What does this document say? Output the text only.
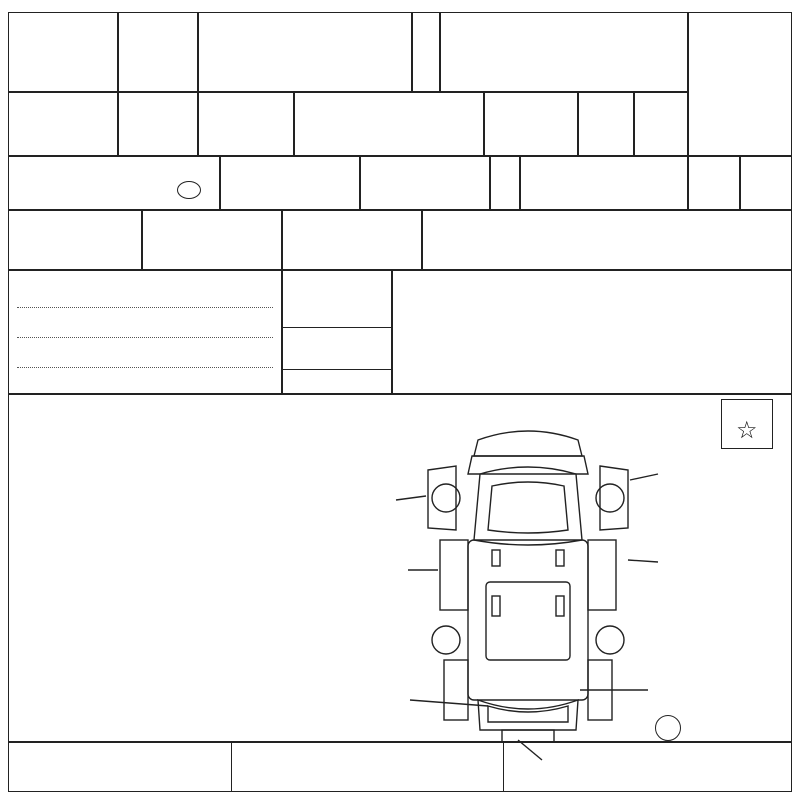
☆
